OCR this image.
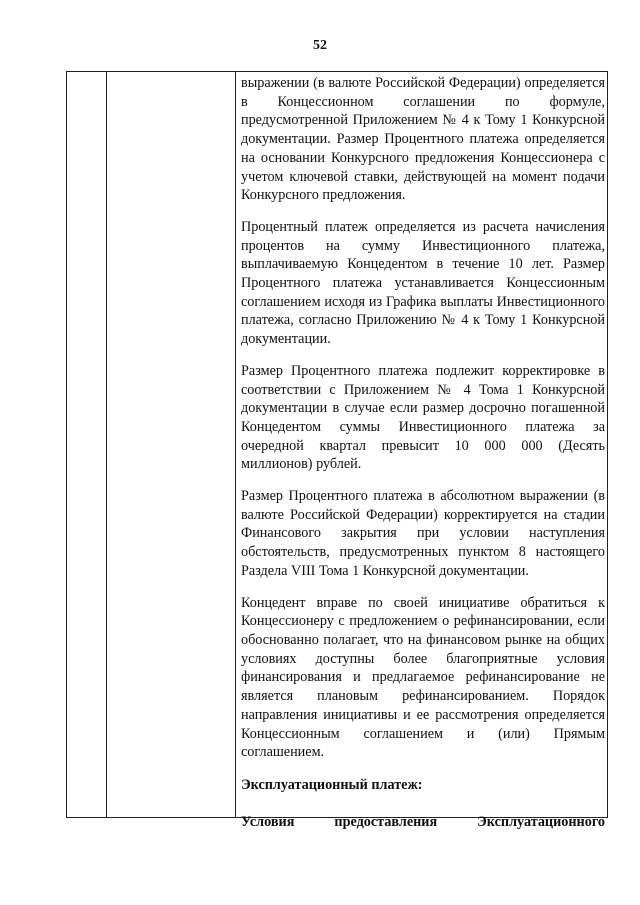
52

выражении (в валюте Российской Федерации) определяется в Концессионном соглашении по формуле, предусмотренной Приложением № 4 к Тому 1 Конкурсной документации. Размер Процентного платежа определяется на основании Конкурсного предложения Концессионера с учетом ключевой ставки, действующей на момент подачи Конкурсного предложения.

Процентный платеж определяется из расчета начисления процентов на сумму Инвестиционного платежа, выплачиваемую Концедентом в течение 10 лет. Размер Процентного платежа устанавливается Концессионным соглашением исходя из Графика выплаты Инвестиционного платежа, согласно Приложению № 4 к Тому 1 Конкурсной документации.

Размер Процентного платежа подлежит корректировке в соответствии с Приложением № 4 Тома 1 Конкурсной документации в случае если размер досрочно погашенной Концедентом суммы Инвестиционного платежа за очередной квартал превысит 10 000 000 (Десять миллионов) рублей.

Размер Процентного платежа в абсолютном выражении (в валюте Российской Федерации) корректируется на стадии Финансового закрытия при условии наступления обстоятельств, предусмотренных пунктом 8 настоящего Раздела VIII Тома 1 Конкурсной документации.

Концедент вправе по своей инициативе обратиться к Концессионеру с предложением о рефинансировании, если обоснованно полагает, что на финансовом рынке на общих условиях доступны более благоприятные условия финансирования и предлагаемое рефинансирование не является плановым рефинансированием. Порядок направления инициативы и ее рассмотрения определяется Концессионным соглашением и (или) Прямым соглашением.

Эксплуатационный платеж:
Условия предоставления Эксплуатационного
